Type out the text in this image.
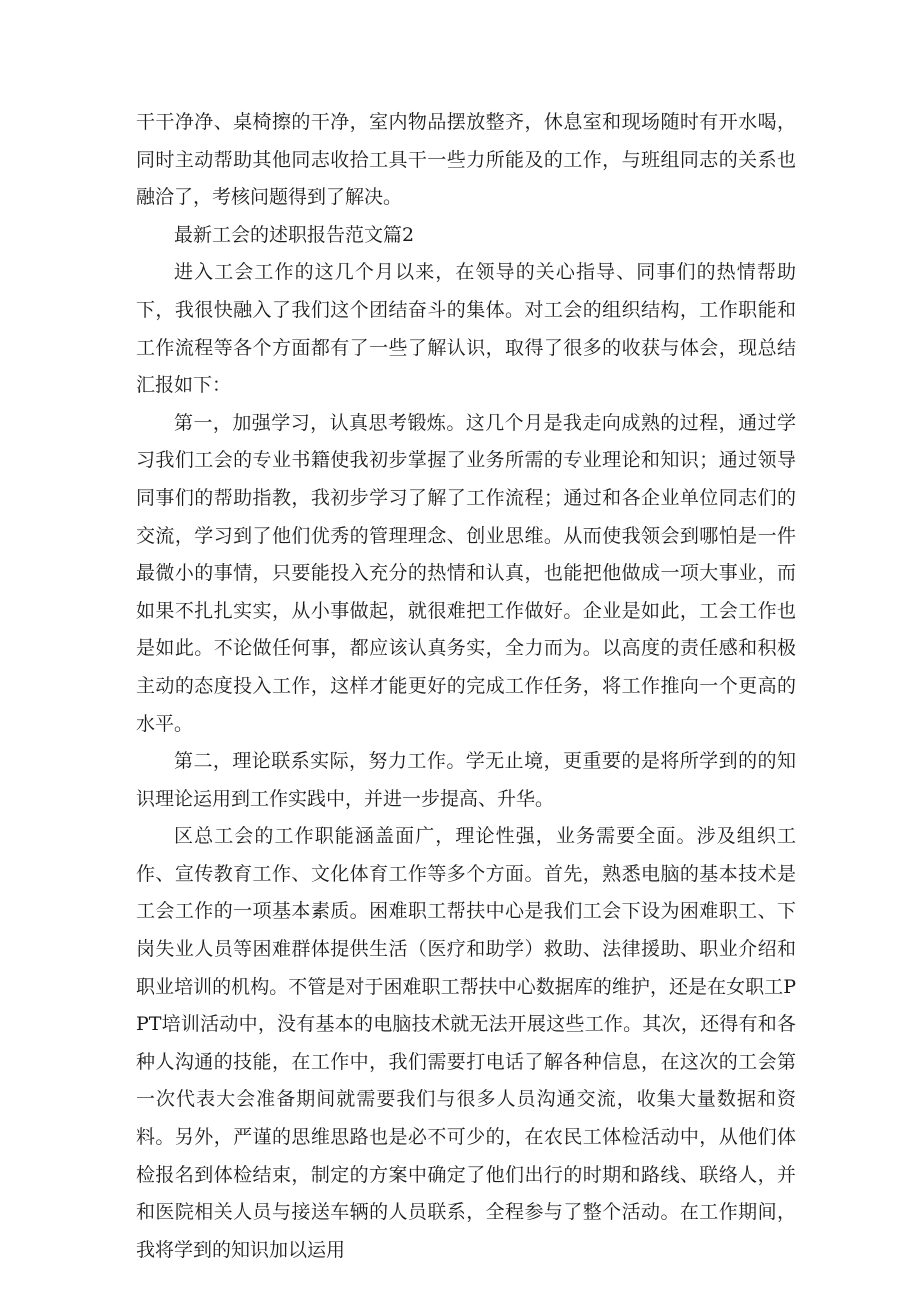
干干净净、桌椅擦的干净，室内物品摆放整齐，休息室和现场随时有开水喝，同时主动帮助其他同志收拾工具干一些力所能及的工作，与班组同志的关系也融洽了，考核问题得到了解决。

最新工会的述职报告范文篇2

进入工会工作的这几个月以来，在领导的关心指导、同事们的热情帮助下，我很快融入了我们这个团结奋斗的集体。对工会的组织结构，工作职能和工作流程等各个方面都有了一些了解认识，取得了很多的收获与体会，现总结汇报如下：

第一，加强学习，认真思考锻炼。这几个月是我走向成熟的过程，通过学习我们工会的专业书籍使我初步掌握了业务所需的专业理论和知识；通过领导同事们的帮助指教，我初步学习了解了工作流程；通过和各企业单位同志们的交流，学习到了他们优秀的管理理念、创业思维。从而使我领会到哪怕是一件最微小的事情，只要能投入充分的热情和认真，也能把他做成一项大事业，而如果不扎扎实实，从小事做起，就很难把工作做好。企业是如此，工会工作也是如此。不论做任何事，都应该认真务实，全力而为。以高度的责任感和积极主动的态度投入工作，这样才能更好的完成工作任务，将工作推向一个更高的水平。

第二，理论联系实际，努力工作。学无止境，更重要的是将所学到的的知识理论运用到工作实践中，并进一步提高、升华。

区总工会的工作职能涵盖面广，理论性强，业务需要全面。涉及组织工作、宣传教育工作、文化体育工作等多个方面。首先，熟悉电脑的基本技术是工会工作的一项基本素质。困难职工帮扶中心是我们工会下设为困难职工、下岗失业人员等困难群体提供生活（医疗和助学）救助、法律援助、职业介绍和职业培训的机构。不管是对于困难职工帮扶中心数据库的维护，还是在女职工PPT培训活动中，没有基本的电脑技术就无法开展这些工作。其次，还得有和各种人沟通的技能，在工作中，我们需要打电话了解各种信息，在这次的工会第一次代表大会准备期间就需要我们与很多人员沟通交流，收集大量数据和资料。另外，严谨的思维思路也是必不可少的，在农民工体检活动中，从他们体检报名到体检结束，制定的方案中确定了他们出行的时期和路线、联络人，并和医院相关人员与接送车辆的人员联系，全程参与了整个活动。在工作期间，我将学到的知识加以运用
